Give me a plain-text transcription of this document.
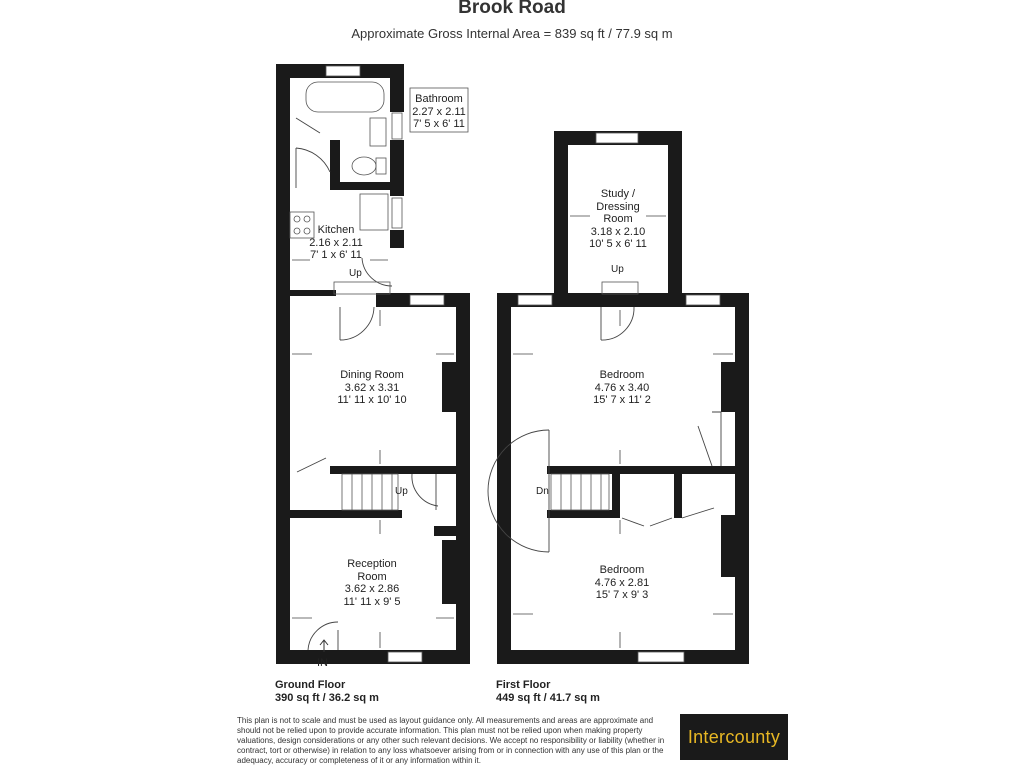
Brook Road
Approximate Gross Internal Area = 839 sq ft / 77.9 sq m
Bathroom
2.27 x 2.11
7' 5 x 6' 11
Kitchen
2.16 x 2.11
7' 1 x 6' 11
Up
Dining Room
3.62 x 3.31
11' 11 x 10' 10
Up
Reception
Room
3.62 x 2.86
11' 11 x 9' 5
IN
Ground Floor
390 sq ft / 36.2 sq m
Study /
Dressing
Room
3.18 x 2.10
10' 5 x 6' 11
Up
Bedroom
4.76 x 3.40
15' 7 x 11' 2
Dn
Bedroom
4.76 x 2.81
15' 7 x 9' 3
First Floor
449 sq ft / 41.7 sq m
This plan is not to scale and must be used as layout guidance only. All measurements and areas are approximate and should not be relied upon to provide accurate information. This plan must not be relied upon when making property valuations, design considerations or any other such relevant decisions. We accept no responsibility or liability (whether in contract, tort or otherwise) in relation to any loss whatsoever arising from or in connection with any use of this plan or the adequacy, accuracy or completeness of it or any information within it.
Intercounty
